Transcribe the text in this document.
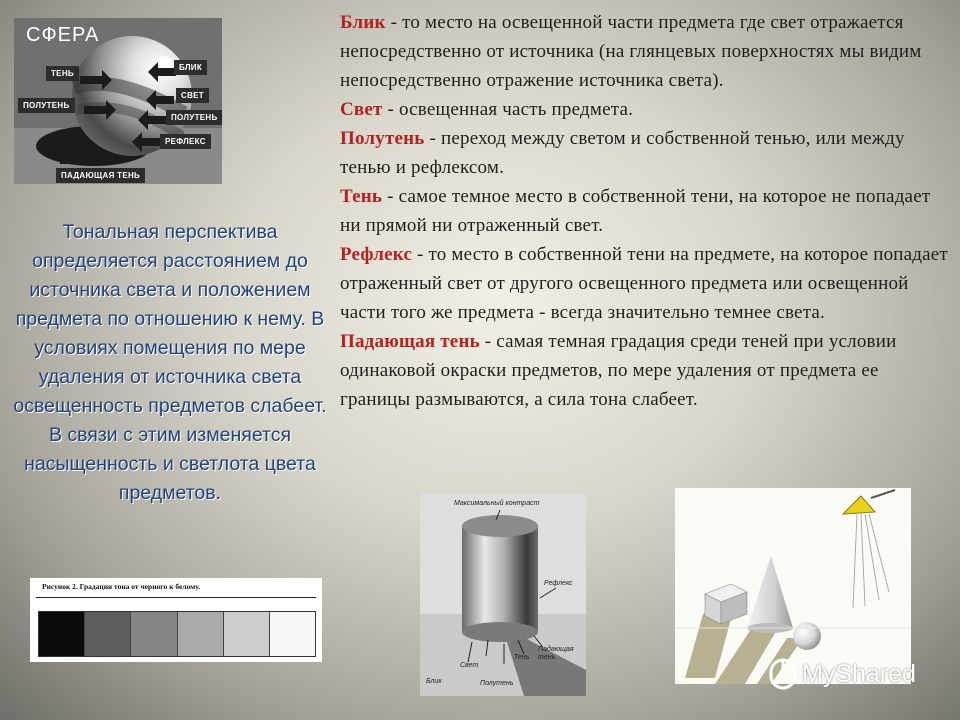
СФЕРА
ТЕНЬ
ПОЛУТЕНЬ
БЛИК
СВЕТ
ПОЛУТЕНЬ
РЕФЛЕКС
ПАДАЮЩАЯ ТЕНЬ
Тональная перспектива определяется расстоянием до источника света и положением предмета по отношению к нему. В условиях помещения по мере удаления от источника света освещенность предметов слабеет. В связи с этим изменяется насыщенность и светлота цвета предметов.

Блик - то место на освещенной части предмета где свет отражается непосредственно от источника (на глянцевых поверхностях мы видим непосредственно отражение источника света).

Свет - освещенная часть предмета.

Полутень - переход между светом и собственной тенью, или между тенью и рефлексом.

Тень - самое темное место в собственной тени, на которое не попадает ни прямой ни отраженный свет.

Рефлекс - то место в собственной тени на предмете, на которое попадает отраженный свет от другого освещенного предмета или освещенной части того же предмета - всегда значительно темнее света.

Падающая тень - самая темная градация среди теней при условии одинаковой окраски предметов, по мере удаления от предмета ее границы размываются, а сила тона слабеет.

Рисунок 2. Градация тона от черного к белому.
Максимальный контраст
Рефлекс
Свет
Тень
Падающая тень
Блик	Полутень	MyShared
